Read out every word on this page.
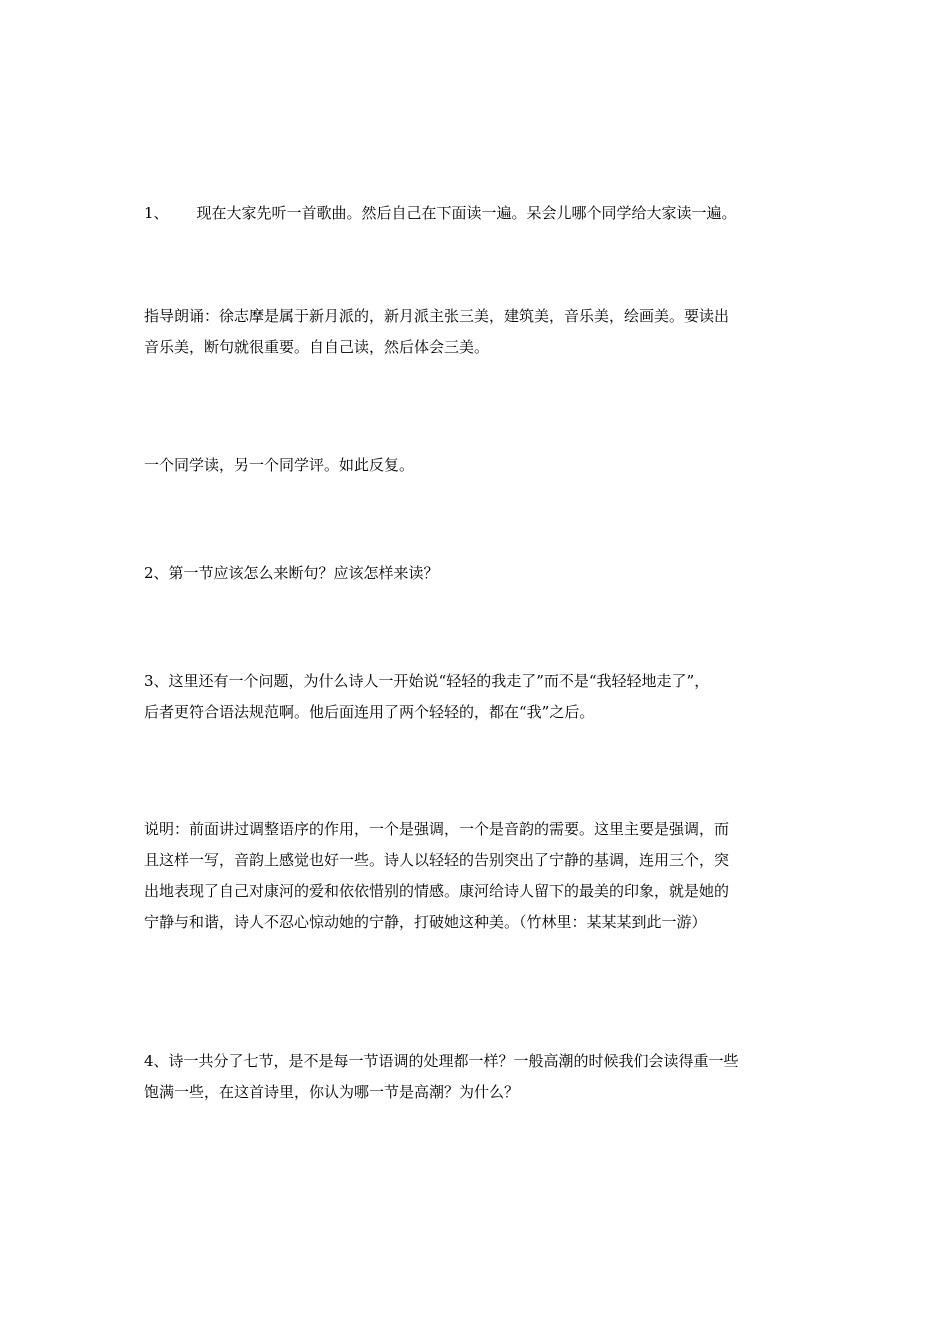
1、 现在大家先听一首歌曲。然后自己在下面读一遍。呆会儿哪个同学给大家读一遍。

指导朗诵：徐志摩是属于新月派的，新月派主张三美，建筑美，音乐美，绘画美。要读出
音乐美，断句就很重要。自自己读，然后体会三美。

一个同学读，另一个同学评。如此反复。

2、第一节应该怎么来断句？应该怎样来读？

3、这里还有一个问题，为什么诗人一开始说“轻轻的我走了”而不是“我轻轻地走了”，
后者更符合语法规范啊。他后面连用了两个轻轻的，都在“我”之后。

说明：前面讲过调整语序的作用，一个是强调，一个是音韵的需要。这里主要是强调，而
且这样一写，音韵上感觉也好一些。诗人以轻轻的告别突出了宁静的基调，连用三个，突
出地表现了自己对康河的爱和依依惜别的情感。康河给诗人留下的最美的印象，就是她的
宁静与和谐，诗人不忍心惊动她的宁静，打破她这种美。（竹林里：某某某到此一游）

4、诗一共分了七节，是不是每一节语调的处理都一样？一般高潮的时候我们会读得重一些
饱满一些，在这首诗里，你认为哪一节是高潮？为什么？
